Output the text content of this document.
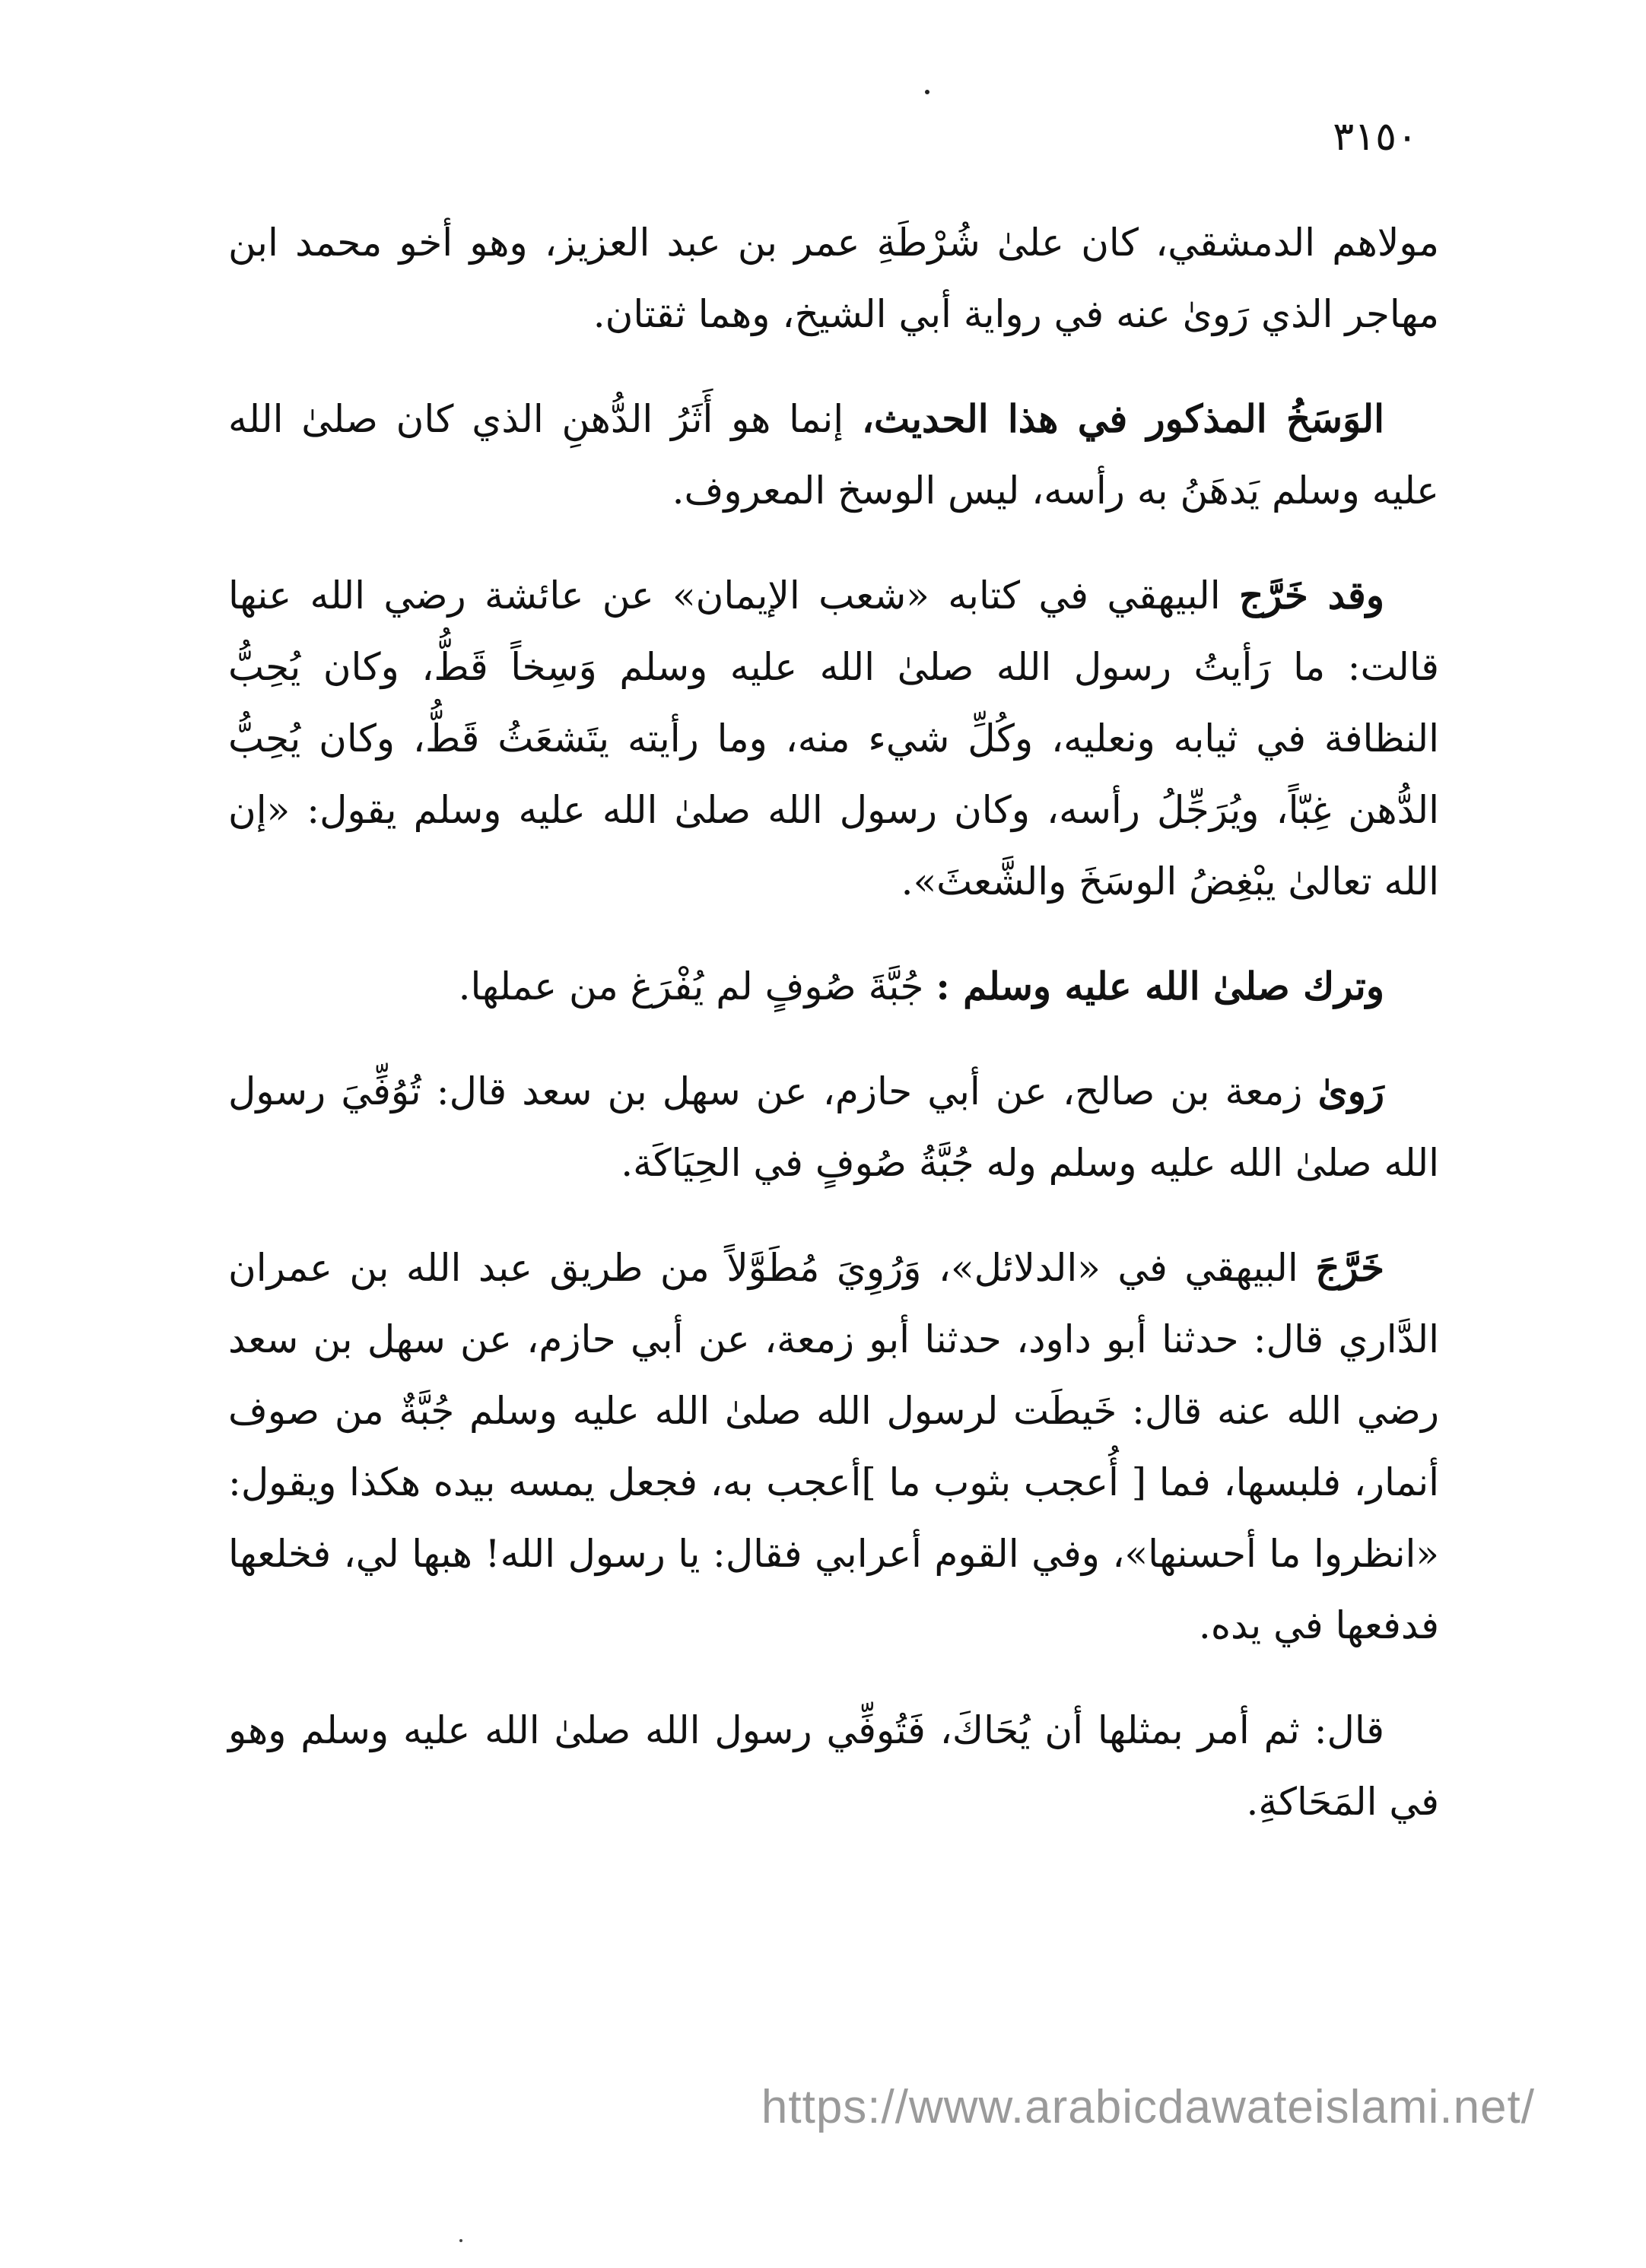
٣١٥٠

مولاهم الدمشقي، كان علىٰ شُرْطَةِ عمر بن عبد العزيز، وهو أخو محمد ابن مهاجر الذي رَوىٰ عنه في رواية أبي الشيخ، وهما ثقتان.

الوَسَخُ المذكور في هذا الحديث، إنما هو أَثَرُ الدُّهنِ الذي كان صلىٰ الله عليه وسلم يَدهَنُ به رأسه، ليس الوسخ المعروف.

وقد خَرَّج البيهقي في كتابه «شعب الإيمان» عن عائشة رضي الله عنها قالت: ما رَأيتُ رسول الله صلىٰ الله عليه وسلم وَسِخاً قَطُّ، وكان يُحِبُّ النظافة في ثيابه ونعليه، وكُلِّ شيء منه، وما رأيته يتَشعَثُ قَطُّ، وكان يُحِبُّ الدُّهن غِبّاً، ويُرَجِّلُ رأسه، وكان رسول الله صلىٰ الله عليه وسلم يقول: «إن الله تعالىٰ يبْغِضُ الوسَخَ والشَّعثَ».

وترك صلىٰ الله عليه وسلم : جُبَّةَ صُوفٍ لم يُفْرَغ من عملها.

رَوىٰ زمعة بن صالح، عن أبي حازم، عن سهل بن سعد قال: تُوُفِّيَ رسول الله صلىٰ الله عليه وسلم وله جُبَّةُ صُوفٍ في الحِيَاكَة.

خَرَّجَ البيهقي في «الدلائل»، وَرُوِيَ مُطَوَّلاً من طريق عبد الله بن عمران الدَّاري قال: حدثنا أبو داود، حدثنا أبو زمعة، عن أبي حازم، عن سهل بن سعد رضي الله عنه قال: خَيطَت لرسول الله صلىٰ الله عليه وسلم جُبَّةٌ من صوف أنمار، فلبسها، فما [ أُعجب بثوب ما ]أعجب به، فجعل يمسه بيده هكذا ويقول: «انظروا ما أحسنها»، وفي القوم أعرابي فقال: يا رسول الله! هبها لي، فخلعها فدفعها في يده.

قال: ثم أمر بمثلها أن يُحَاكَ، فَتُوفِّي رسول الله صلىٰ الله عليه وسلم وهو في المَحَاكةِ.

https://www.arabicdawateislami.net/
